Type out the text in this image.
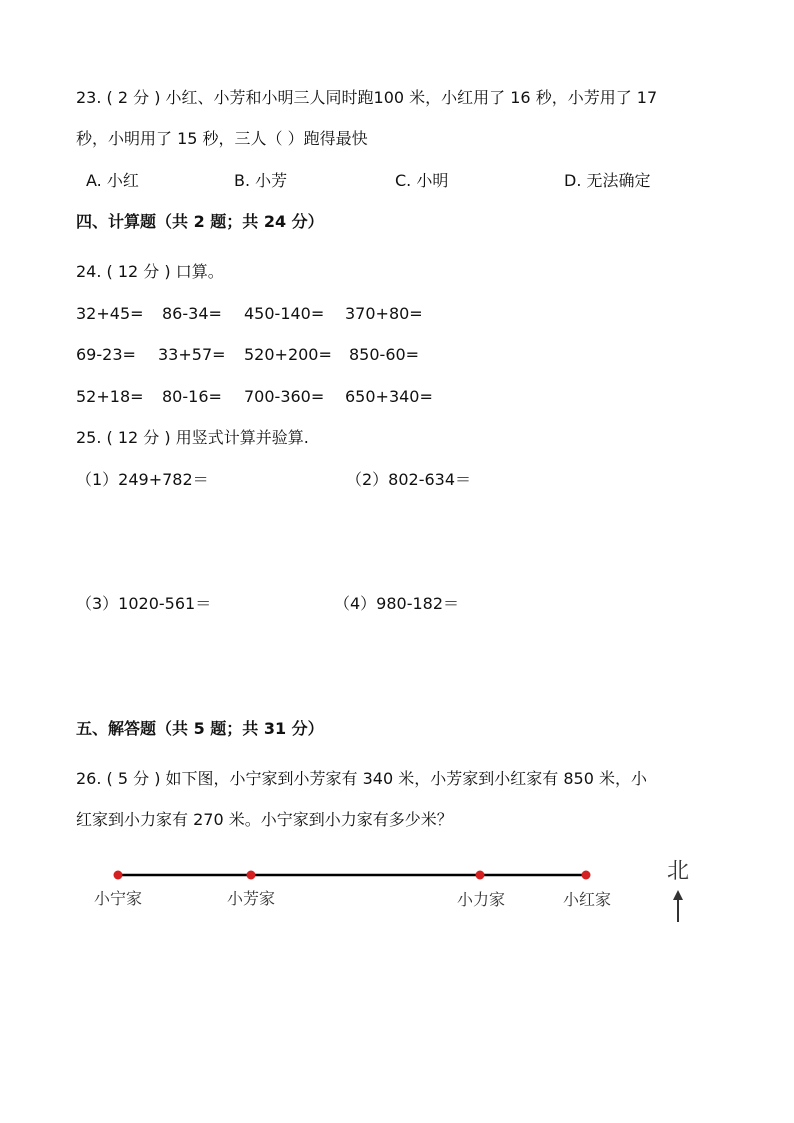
23. ( 2 分 ) 小红、小芳和小明三人同时跑100 米，小红用了 16 秒，小芳用了 17
秒，小明用了 15 秒，三人（ ）跑得最快
A. 小红	B. 小芳	C. 小明	D. 无法确定
四、计算题（共 2 题；共 24 分）
24. ( 12 分 ) 口算。
32+45= 86-34= 450-140= 370+80=
69-23= 33+57= 520+200= 850-60=
52+18= 80-16= 700-360= 650+340=
25. ( 12 分 ) 用竖式计算并验算.
（1）249+782＝	（2）802-634＝
（3）1020-561＝	（4）980-182＝
五、解答题（共 5 题；共 31 分）
26. ( 5 分 ) 如下图，小宁家到小芳家有 340 米，小芳家到小红家有 850 米，小
红家到小力家有 270 米。小宁家到小力家有多少米？
小宁家	小芳家	小力家	小红家
北
